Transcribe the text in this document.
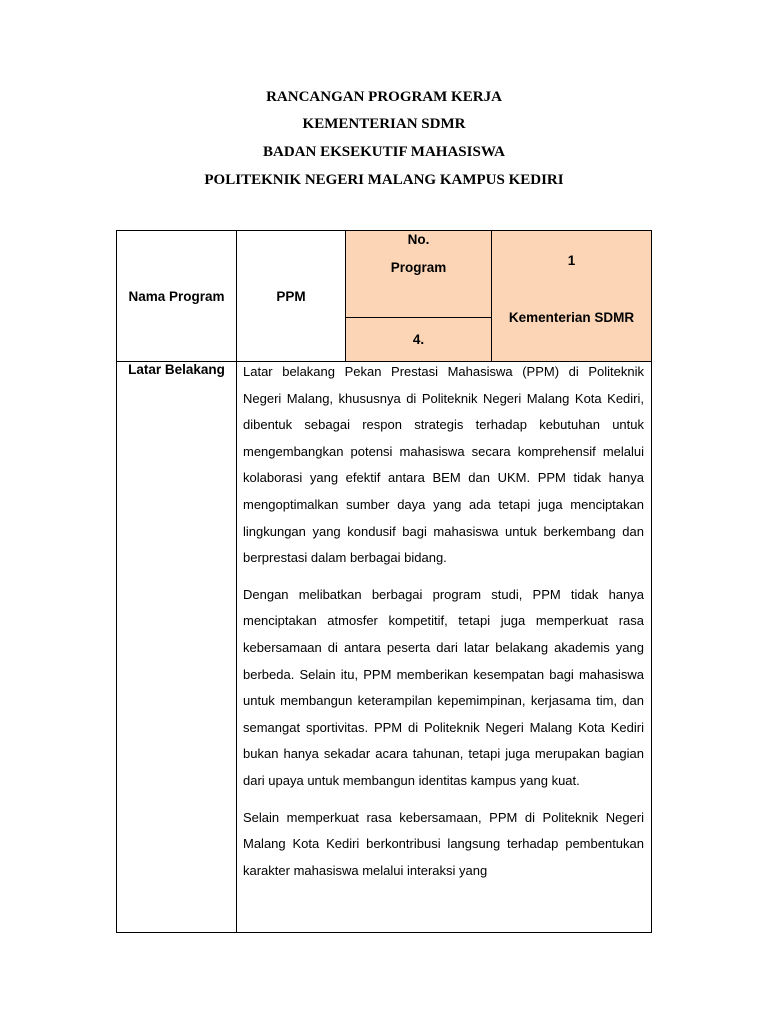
RANCANGAN PROGRAM KERJA
KEMENTERIAN SDMR
BADAN EKSEKUTIF MAHASISWA
POLITEKNIK NEGERI MALANG KAMPUS KEDIRI
Nama Program	PPM
No.
Program
4.
1
Kementerian SDMR
Latar Belakang	Latar belakang Pekan Prestasi Mahasiswa (PPM) di Politeknik Negeri Malang, khususnya di Politeknik Negeri Malang Kota Kediri, dibentuk sebagai respon strategis terhadap kebutuhan untuk mengembangkan potensi mahasiswa secara komprehensif melalui kolaborasi yang efektif antara BEM dan UKM. PPM tidak hanya mengoptimalkan sumber daya yang ada tetapi juga menciptakan lingkungan yang kondusif bagi mahasiswa untuk berkembang dan berprestasi dalam berbagai bidang.

Dengan melibatkan berbagai program studi, PPM tidak hanya menciptakan atmosfer kompetitif, tetapi juga memperkuat rasa kebersamaan di antara peserta dari latar belakang akademis yang berbeda. Selain itu, PPM memberikan kesempatan bagi mahasiswa untuk membangun keterampilan kepemimpinan, kerjasama tim, dan semangat sportivitas. PPM di Politeknik Negeri Malang Kota Kediri bukan hanya sekadar acara tahunan, tetapi juga merupakan bagian dari upaya untuk membangun identitas kampus yang kuat.

Selain memperkuat rasa kebersamaan, PPM di Politeknik Negeri Malang Kota Kediri berkontribusi langsung terhadap pembentukan karakter mahasiswa melalui interaksi yang
